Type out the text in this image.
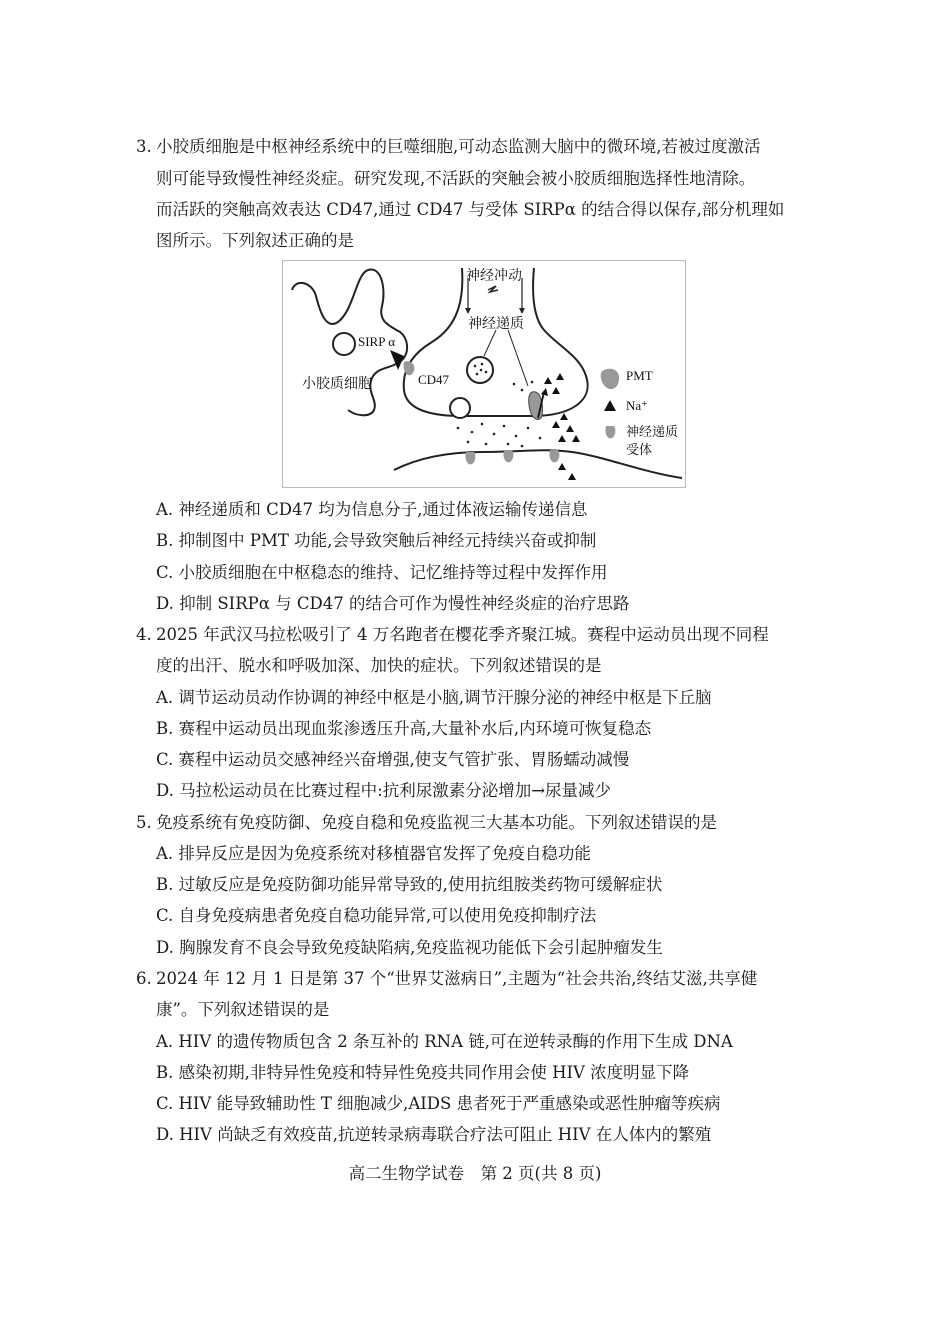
3. 小胶质细胞是中枢神经系统中的巨噬细胞,可动态监测大脑中的微环境,若被过度激活
则可能导致慢性神经炎症。研究发现,不活跃的突触会被小胶质细胞选择性地清除。
而活跃的突触高效表达 CD47,通过 CD47 与受体 SIRPα 的结合得以保存,部分机理如
图所示。下列叙述正确的是
神经冲动
神经递质
SIRP α
CD47
小胶质细胞
PMT
Na⁺
神经递质
受体
A. 神经递质和 CD47 均为信息分子,通过体液运输传递信息
B. 抑制图中 PMT 功能,会导致突触后神经元持续兴奋或抑制
C. 小胶质细胞在中枢稳态的维持、记忆维持等过程中发挥作用
D. 抑制 SIRPα 与 CD47 的结合可作为慢性神经炎症的治疗思路
4. 2025 年武汉马拉松吸引了 4 万名跑者在樱花季齐聚江城。赛程中运动员出现不同程
度的出汗、脱水和呼吸加深、加快的症状。下列叙述错误的是
A. 调节运动员动作协调的神经中枢是小脑,调节汗腺分泌的神经中枢是下丘脑
B. 赛程中运动员出现血浆渗透压升高,大量补水后,内环境可恢复稳态
C. 赛程中运动员交感神经兴奋增强,使支气管扩张、胃肠蠕动减慢
D. 马拉松运动员在比赛过程中:抗利尿激素分泌增加→尿量减少
5. 免疫系统有免疫防御、免疫自稳和免疫监视三大基本功能。下列叙述错误的是
A. 排异反应是因为免疫系统对移植器官发挥了免疫自稳功能
B. 过敏反应是免疫防御功能异常导致的,使用抗组胺类药物可缓解症状
C. 自身免疫病患者免疫自稳功能异常,可以使用免疫抑制疗法
D. 胸腺发育不良会导致免疫缺陷病,免疫监视功能低下会引起肿瘤发生
6. 2024 年 12 月 1 日是第 37 个“世界艾滋病日”,主题为“社会共治,终结艾滋,共享健
康”。下列叙述错误的是
A. HIV 的遗传物质包含 2 条互补的 RNA 链,可在逆转录酶的作用下生成 DNA
B. 感染初期,非特异性免疫和特异性免疫共同作用会使 HIV 浓度明显下降
C. HIV 能导致辅助性 T 细胞减少,AIDS 患者死于严重感染或恶性肿瘤等疾病
D. HIV 尚缺乏有效疫苗,抗逆转录病毒联合疗法可阻止 HIV 在人体内的繁殖
高二生物学试卷　第 2 页(共 8 页)
